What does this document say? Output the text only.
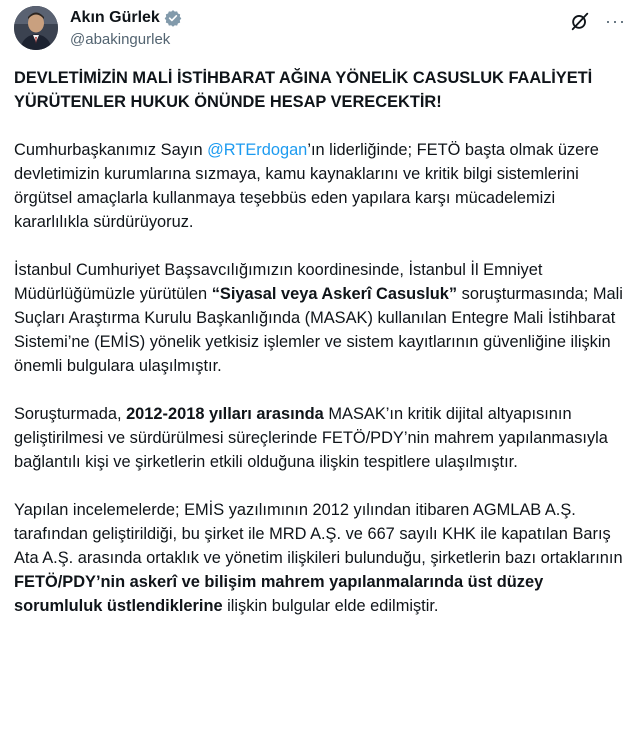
Akın Gürlek
@abakingurlek
···

DEVLETİMİZİN MALİ İSTİHBARAT AĞINA YÖNELİK CASUSLUK FAALİYETİ YÜRÜTENLER HUKUK ÖNÜNDE HESAP VERECEKTİR!

Cumhurbaşkanımız Sayın @RTErdogan’ın liderliğinde; FETÖ başta olmak üzere devletimizin kurumlarına sızmaya, kamu kaynaklarını ve kritik bilgi sistemlerini örgütsel amaçlarla kullanmaya teşebbüs eden yapılara karşı mücadelemizi kararlılıkla sürdürüyoruz.

İstanbul Cumhuriyet Başsavcılığımızın koordinesinde, İstanbul İl Emniyet Müdürlüğümüzle yürütülen “Siyasal veya Askerî Casusluk” soruşturmasında; Mali Suçları Araştırma Kurulu Başkanlığında (MASAK) kullanılan Entegre Mali İstihbarat Sistemi’ne (EMİS) yönelik yetkisiz işlemler ve sistem kayıtlarının güvenliğine ilişkin önemli bulgulara ulaşılmıştır.

Soruşturmada, 2012-2018 yılları arasında MASAK’ın kritik dijital altyapısının geliştirilmesi ve sürdürülmesi süreçlerinde FETÖ/PDY’nin mahrem yapılanmasıyla bağlantılı kişi ve şirketlerin etkili olduğuna ilişkin tespitlere ulaşılmıştır.

Yapılan incelemelerde; EMİS yazılımının 2012 yılından itibaren AGMLAB A.Ş. tarafından geliştirildiği, bu şirket ile MRD A.Ş. ve 667 sayılı KHK ile kapatılan Barış Ata A.Ş. arasında ortaklık ve yönetim ilişkileri bulunduğu, şirketlerin bazı ortaklarının FETÖ/PDY’nin askerî ve bilişim mahrem yapılanmalarında üst düzey sorumluluk üstlendiklerine ilişkin bulgular elde edilmiştir.
